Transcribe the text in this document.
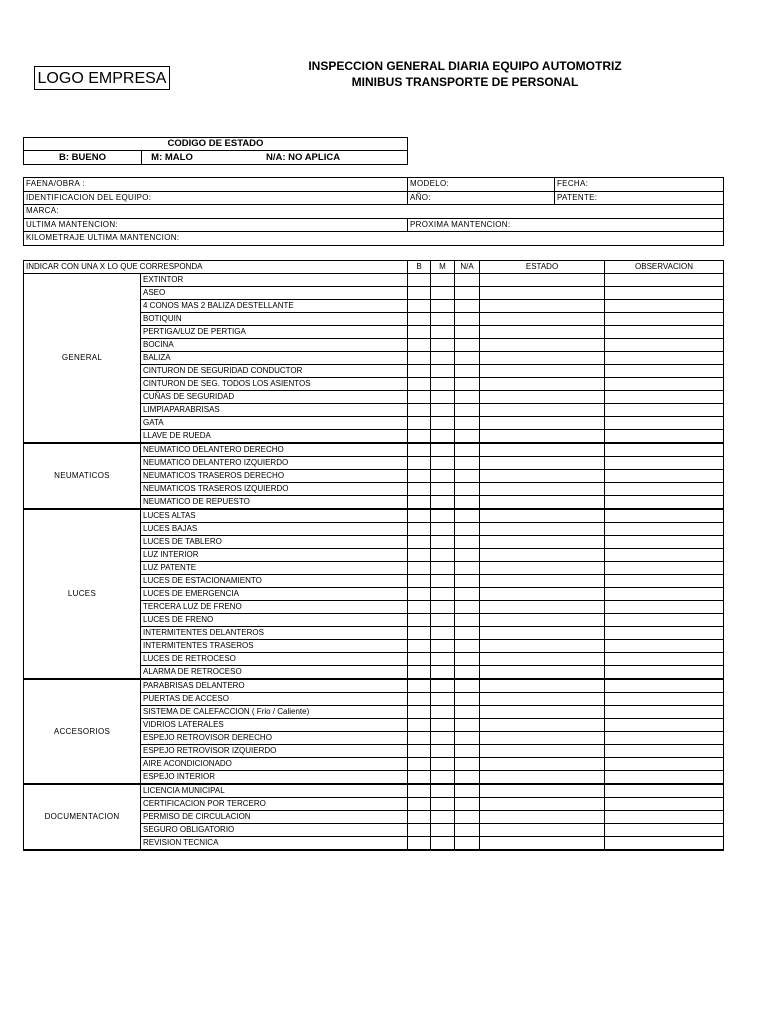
LOGO EMPRESA
INSPECCION GENERAL DIARIA EQUIPO AUTOMOTRIZ
MINIBUS TRANSPORTE DE PERSONAL
CODIGO DE ESTADO
B: BUENO	M: MALO	N/A: NO APLICA
FAENA/OBRA :	MODELO:	FECHA:
IDENTIFICACION DEL EQUIPO:	AÑO:	PATENTE:
MARCA:		
ULTIMA MANTENCION:	PROXIMA MANTENCION:	
KILOMETRAJE ULTIMA MANTENCION:		
INDICAR CON UNA X LO QUE CORRESPONDA		B	M	N/A	ESTADO	OBSERVACION
GENERAL	EXTINTOR					
	ASEO					
	4 CONOS MAS 2 BALIZA DESTELLANTE					
	BOTIQUIN					
	PERTIGA/LUZ DE PERTIGA					
	BOCINA					
	BALIZA					
	CINTURON DE SEGURIDAD CONDUCTOR					
	CINTURON DE SEG. TODOS LOS ASIENTOS					
	CUÑAS DE SEGURIDAD					
	LIMPIAPARABRISAS					
	GATA					
	LLAVE DE RUEDA					
NEUMATICOS	NEUMATICO DELANTERO DERECHO					
	NEUMATICO DELANTERO IZQUIERDO					
	NEUMATICOS TRASEROS DERECHO					
	NEUMATICOS TRASEROS IZQUIERDO					
	NEUMATICO DE REPUESTO					
LUCES	LUCES ALTAS					
	LUCES BAJAS					
	LUCES DE TABLERO					
	LUZ INTERIOR					
	LUZ PATENTE					
	LUCES DE ESTACIONAMIENTO					
	LUCES DE EMERGENCIA					
	TERCERA LUZ DE FRENO					
	LUCES DE FRENO					
	INTERMITENTES DELANTEROS					
	INTERMITENTES TRASEROS					
	LUCES DE RETROCESO					
	ALARMA DE RETROCESO					
ACCESORIOS	PARABRISAS DELANTERO					
	PUERTAS DE ACCESO					
	SISTEMA DE CALEFACCION ( Frio / Caliente)					
	VIDRIOS LATERALES					
	ESPEJO RETROVISOR DERECHO					
	ESPEJO RETROVISOR IZQUIERDO					
	AIRE ACONDICIONADO					
	ESPEJO INTERIOR					
DOCUMENTACION	LICENCIA MUNICIPAL					
	CERTIFICACION POR TERCERO					
	PERMISO DE CIRCULACION					
	SEGURO OBLIGATORIO					
	REVISION TECNICA					
